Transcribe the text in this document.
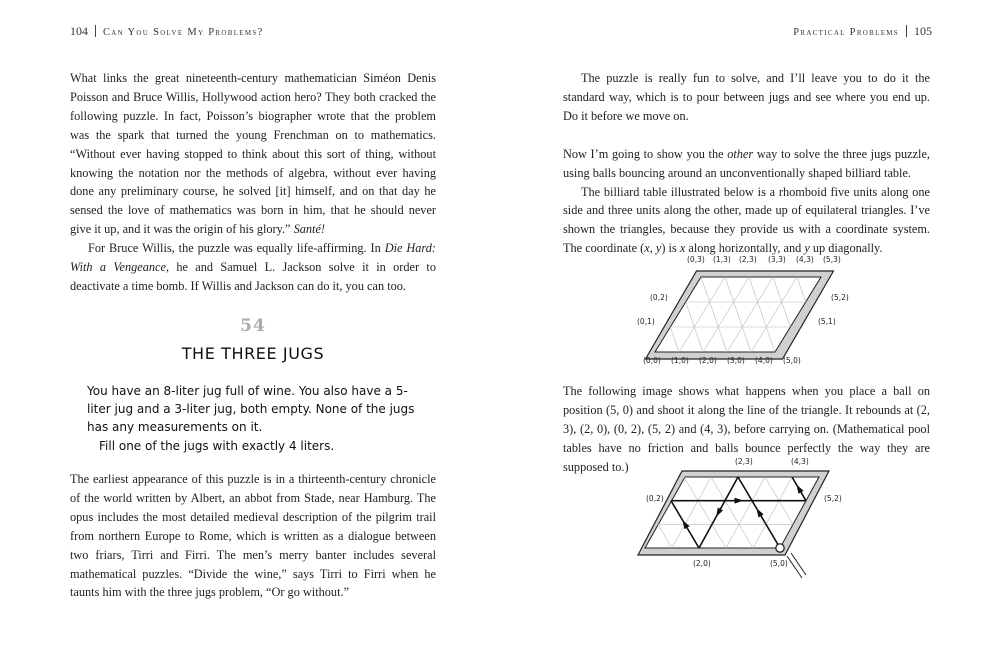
104 Can You Solve My Problems?

What links the great nineteenth-century mathematician Siméon Denis Poisson and Bruce Willis, Hollywood action hero? They both cracked the following puzzle. In fact, Poisson’s biographer wrote that the problem was the spark that turned the young Frenchman on to mathematics. “Without ever having stopped to think about this sort of thing, without knowing the notation nor the methods of algebra, without ever having done any preliminary course, he solved [it] himself, and on that day he sensed the love of mathematics was born in him, that he should never give it up, and it was the origin of his glory.” Santé!

For Bruce Willis, the puzzle was equally life-affirming. In Die Hard: With a Vengeance, he and Samuel L. Jackson solve it in order to deactivate a time bomb. If Willis and Jackson can do it, you can too.

54
THE THREE JUGS

You have an 8-liter jug full of wine. You also have a 5-liter jug and a 3-liter jug, both empty. None of the jugs has any measurements on it.

Fill one of the jugs with exactly 4 liters.

The earliest appearance of this puzzle is in a thirteenth-century chronicle of the world written by Albert, an abbot from Stade, near Hamburg. The opus includes the most detailed medieval description of the pilgrim trail from northern Europe to Rome, which is written as a dialogue between two friars, Tirri and Firri. The men’s merry banter includes several mathematical puzzles. “Divide the wine,” says Tirri to Firri when he taunts him with the three jugs problem, “Or go without.”

Practical Problems 105

The puzzle is really fun to solve, and I’ll leave you to do it the standard way, which is to pour between jugs and see where you end up. Do it before we move on.

Now I’m going to show you the other way to solve the three jugs puzzle, using balls bouncing around an unconventionally shaped billiard table.

The billiard table illustrated below is a rhomboid five units along one side and three units along the other, made up of equilateral triangles. I’ve shown the triangles, because they provide us with a coordinate system. The coordinate (x, y) is x along horizontally, and y up diagonally.

(0,3) (1,3) (2,3) (3,3) (4,3) (5,3)
(0,2)
(0,1)
(5,2)
(5,1)
(0,0) (1,0) (2,0) (3,0) (4,0) (5,0)

The following image shows what happens when you place a ball on position (5, 0) and shoot it along the line of the triangle. It rebounds at (2, 3), (2, 0), (0, 2), (5, 2) and (4, 3), before carrying on. (Mathematical pool tables have no friction and balls bounce perfectly the way they are supposed to.)	(2,3)	(4,3)
(0,2)	(5,2)
(2,0)	(5,0)
